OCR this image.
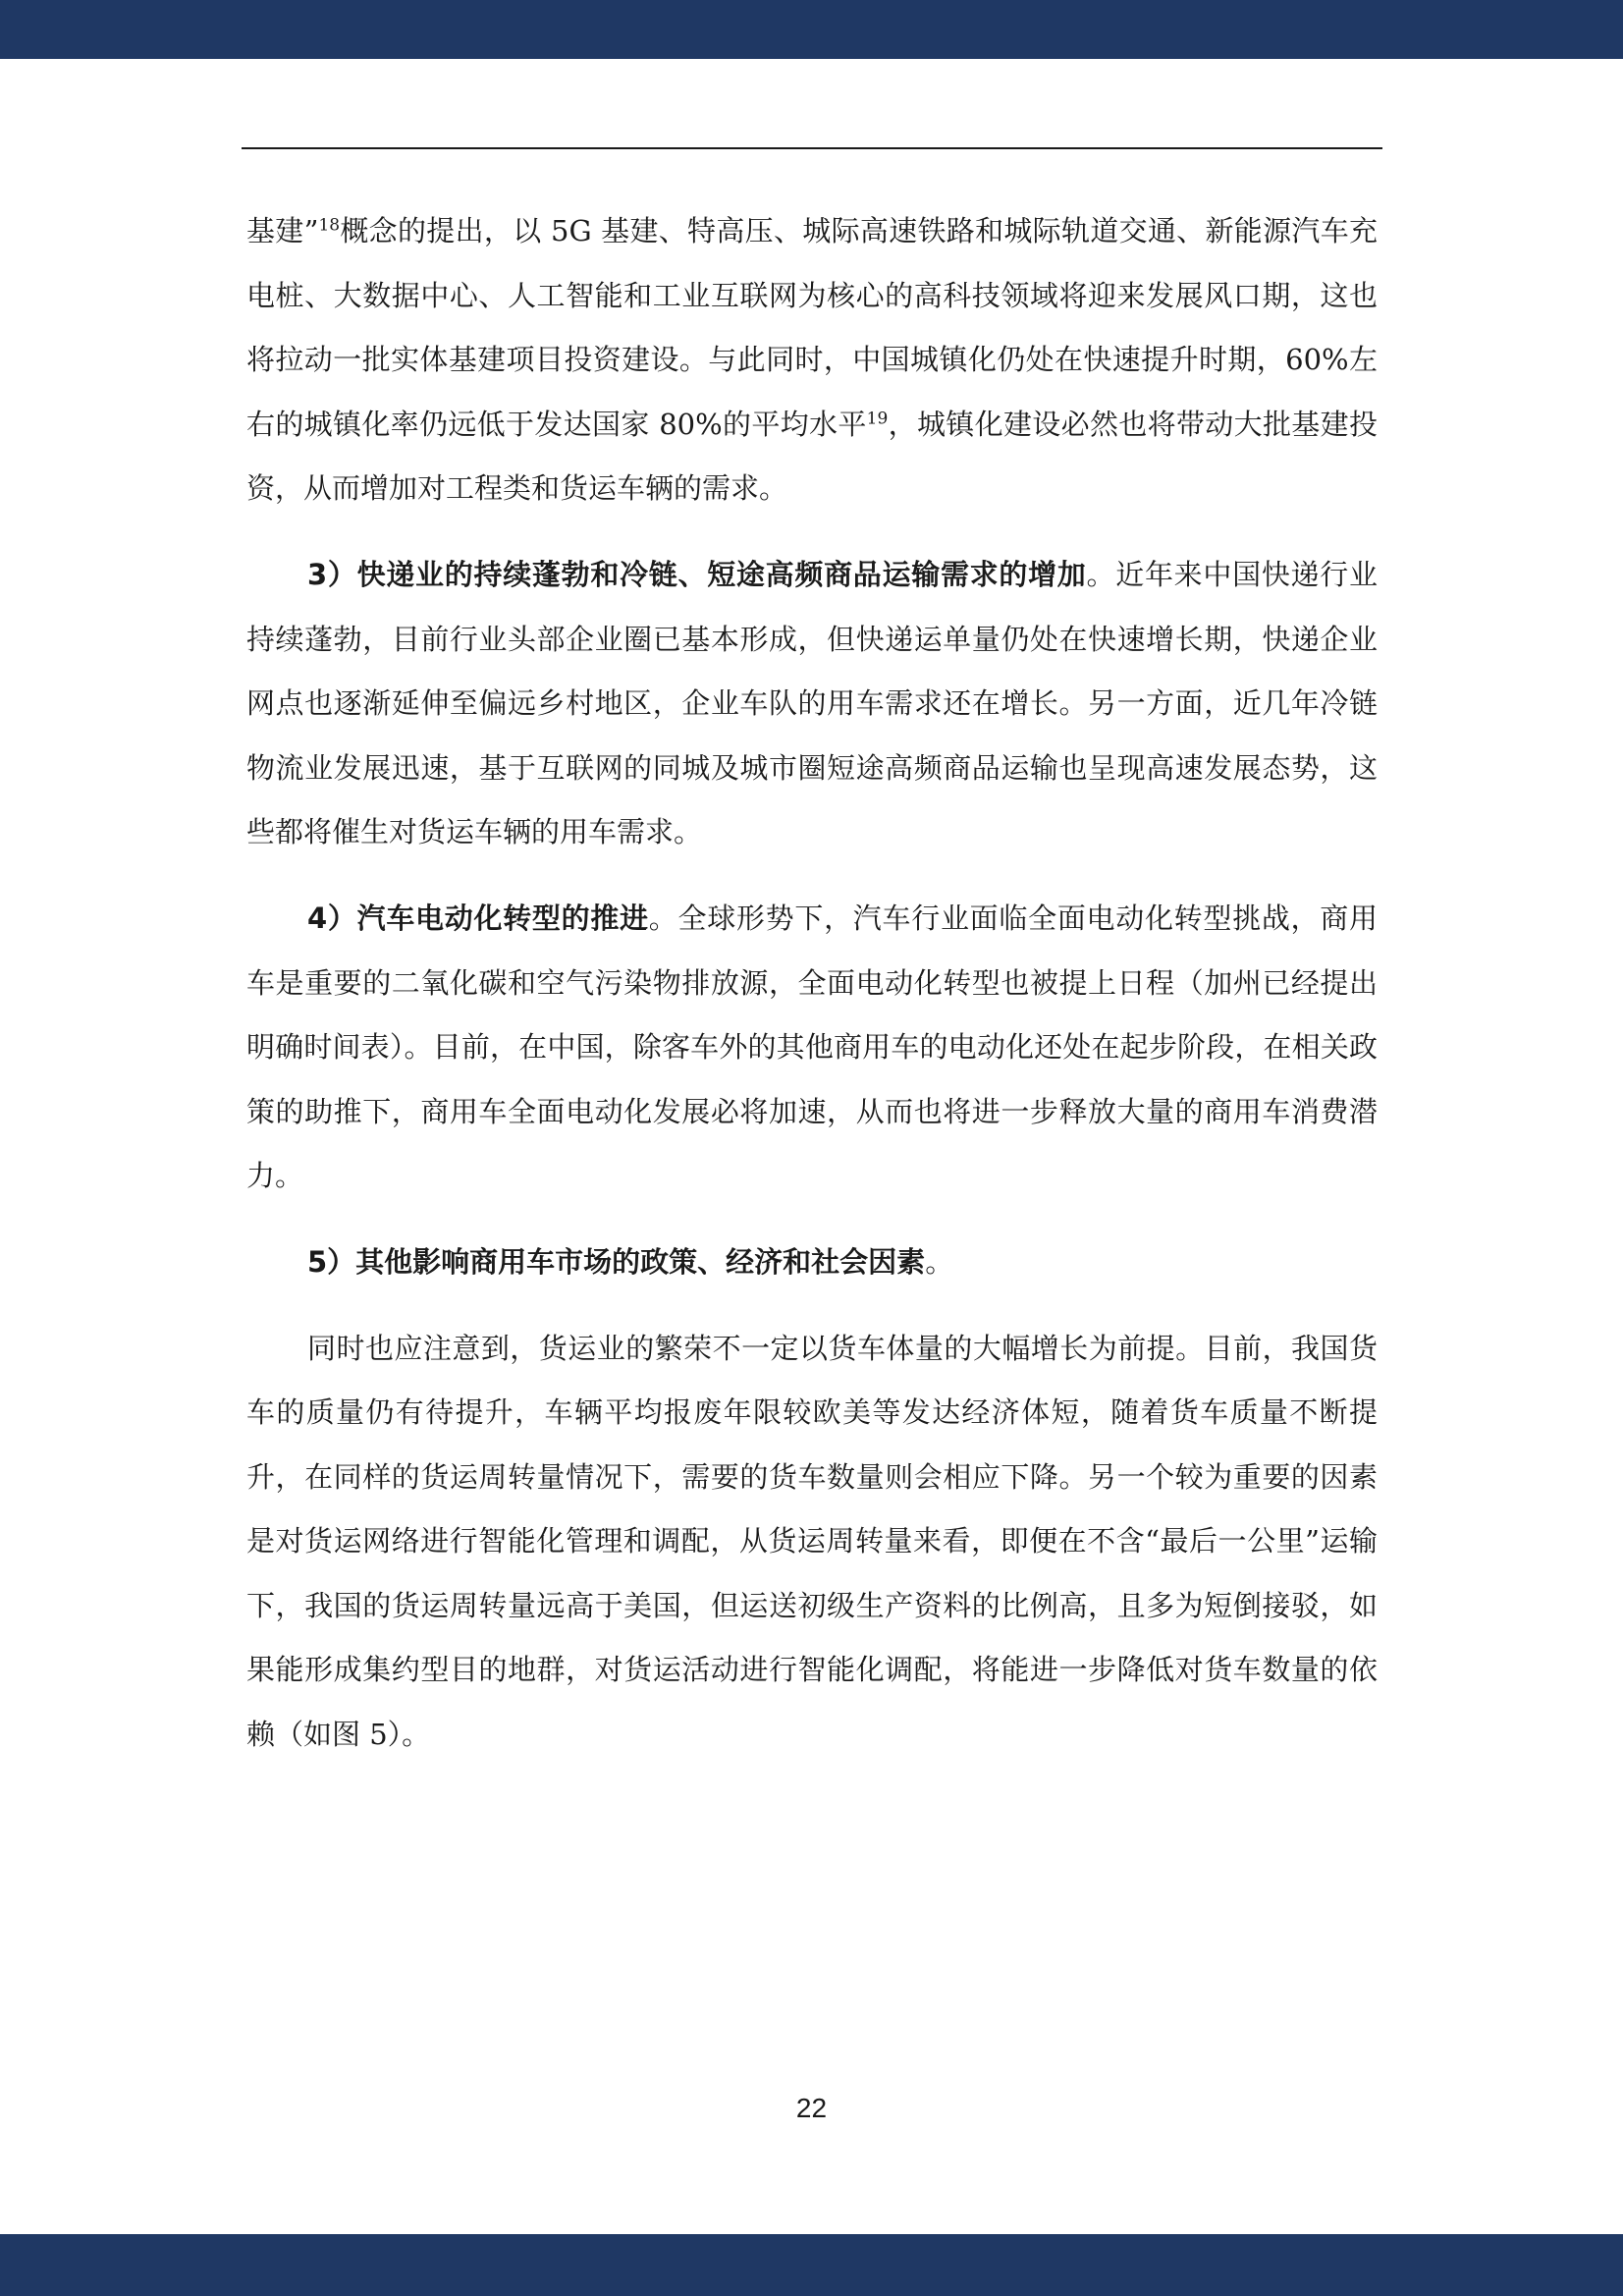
基建”$^{18}$概念的提出，以 5G 基建、特高压、城际高速铁路和城际轨道交通、新能源汽车充电桩、大数据中心、人工智能和工业互联网为核心的高科技领域将迎来发展风口期，这也将拉动一批实体基建项目投资建设。与此同时，中国城镇化仍处在快速提升时期，60%左右的城镇化率仍远低于发达国家 80%的平均水平$^{19}$，城镇化建设必然也将带动大批基建投资，从而增加对工程类和货运车辆的需求。

3）快递业的持续蓬勃和冷链、短途高频商品运输需求的增加。近年来中国快递行业持续蓬勃，目前行业头部企业圈已基本形成，但快递运单量仍处在快速增长期，快递企业网点也逐渐延伸至偏远乡村地区，企业车队的用车需求还在增长。另一方面，近几年冷链物流业发展迅速，基于互联网的同城及城市圈短途高频商品运输也呈现高速发展态势，这些都将催生对货运车辆的用车需求。

4）汽车电动化转型的推进。全球形势下，汽车行业面临全面电动化转型挑战，商用车是重要的二氧化碳和空气污染物排放源，全面电动化转型也被提上日程（加州已经提出明确时间表）。目前，在中国，除客车外的其他商用车的电动化还处在起步阶段，在相关政策的助推下，商用车全面电动化发展必将加速，从而也将进一步释放大量的商用车消费潜力。

5）其他影响商用车市场的政策、经济和社会因素。

同时也应注意到，货运业的繁荣不一定以货车体量的大幅增长为前提。目前，我国货车的质量仍有待提升，车辆平均报废年限较欧美等发达经济体短，随着货车质量不断提升，在同样的货运周转量情况下，需要的货车数量则会相应下降。另一个较为重要的因素是对货运网络进行智能化管理和调配，从货运周转量来看，即便在不含“最后一公里”运输下，我国的货运周转量远高于美国，但运送初级生产资料的比例高，且多为短倒接驳，如果能形成集约型目的地群，对货运活动进行智能化调配，将能进一步降低对货车数量的依赖（如图 5）。

22
